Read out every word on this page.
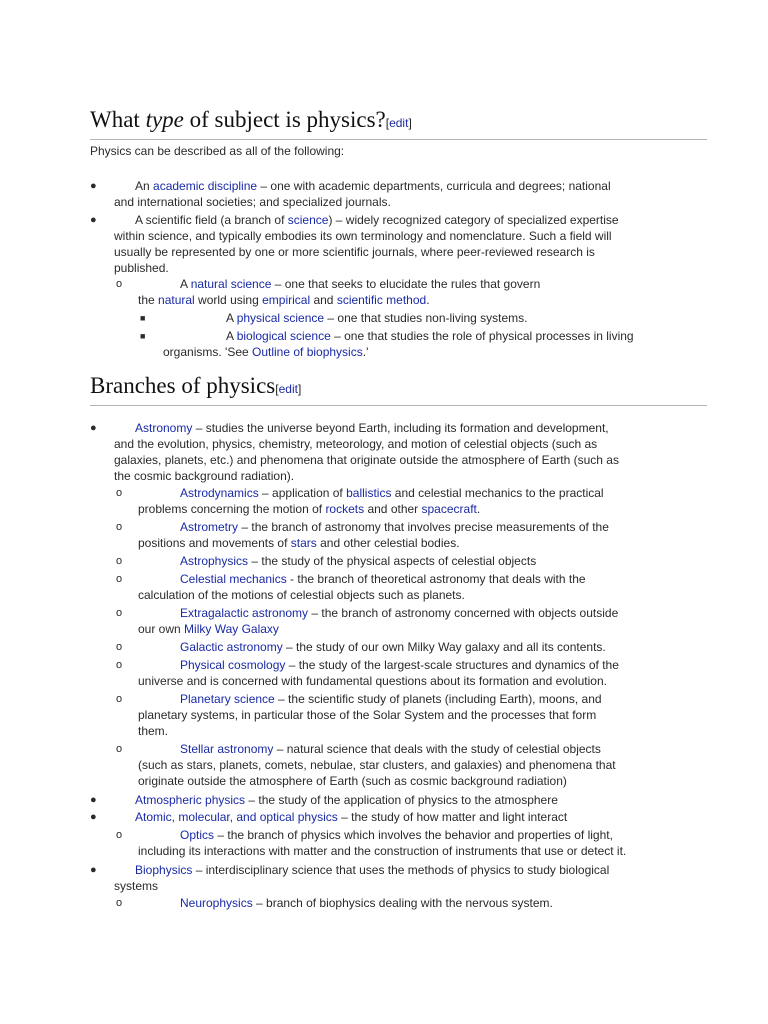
What type of subject is physics?[edit]
Physics can be described as all of the following:
●	An academic discipline – one with academic departments, curricula and degrees; national
and international societies; and specialized journals.
●	A scientific field (a branch of science) – widely recognized category of specialized expertise
within science, and typically embodies its own terminology and nomenclature. Such a field will
usually be represented by one or more scientific journals, where peer-reviewed research is
published.
o	A natural science – one that seeks to elucidate the rules that govern
the natural world using empirical and scientific method.
■	A physical science – one that studies non-living systems.
■	A biological science – one that studies the role of physical processes in living
organisms. 'See Outline of biophysics.'
Branches of physics[edit]
●	Astronomy – studies the universe beyond Earth, including its formation and development,
and the evolution, physics, chemistry, meteorology, and motion of celestial objects (such as
galaxies, planets, etc.) and phenomena that originate outside the atmosphere of Earth (such as
the cosmic background radiation).
o	Astrodynamics – application of ballistics and celestial mechanics to the practical
problems concerning the motion of rockets and other spacecraft.
o	Astrometry – the branch of astronomy that involves precise measurements of the
positions and movements of stars and other celestial bodies.
o	Astrophysics – the study of the physical aspects of celestial objects
o	Celestial mechanics - the branch of theoretical astronomy that deals with the
calculation of the motions of celestial objects such as planets.
o	Extragalactic astronomy – the branch of astronomy concerned with objects outside
our own Milky Way Galaxy
o	Galactic astronomy – the study of our own Milky Way galaxy and all its contents.
o	Physical cosmology – the study of the largest-scale structures and dynamics of the
universe and is concerned with fundamental questions about its formation and evolution.
o	Planetary science – the scientific study of planets (including Earth), moons, and
planetary systems, in particular those of the Solar System and the processes that form
them.
o	Stellar astronomy – natural science that deals with the study of celestial objects
(such as stars, planets, comets, nebulae, star clusters, and galaxies) and phenomena that
originate outside the atmosphere of Earth (such as cosmic background radiation)
●	Atmospheric physics – the study of the application of physics to the atmosphere
●	Atomic, molecular, and optical physics – the study of how matter and light interact
o	Optics – the branch of physics which involves the behavior and properties of light,
including its interactions with matter and the construction of instruments that use or detect it.
●	Biophysics – interdisciplinary science that uses the methods of physics to study biological
systems
o	Neurophysics – branch of biophysics dealing with the nervous system.
